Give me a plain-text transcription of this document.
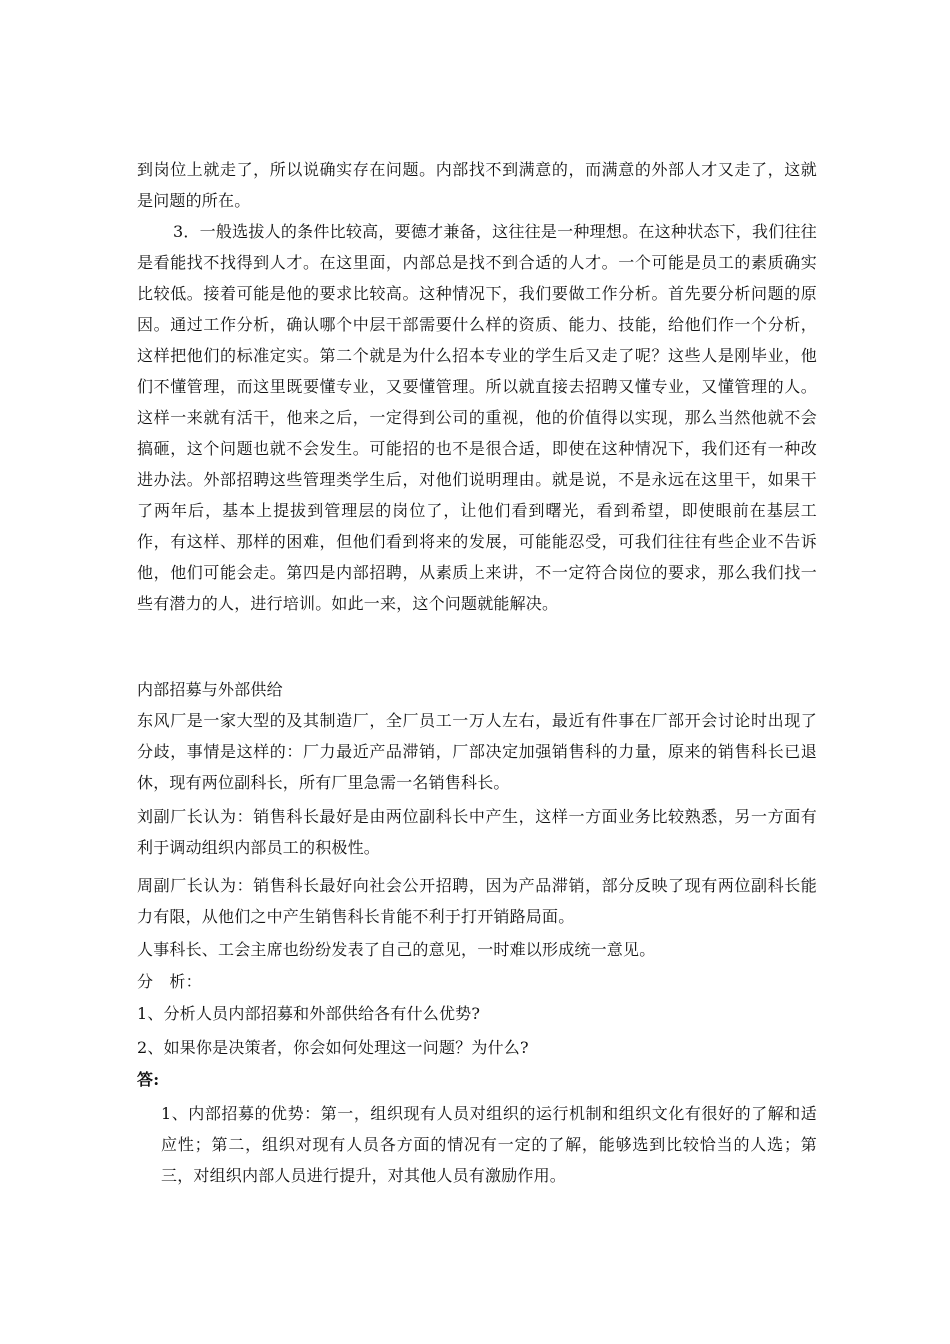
到岗位上就走了，所以说确实存在问题。内部找不到满意的，而满意的外部人才又走了，这就是问题的所在。

3．一般选拔人的条件比较高，要德才兼备，这往往是一种理想。在这种状态下，我们往往是看能找不找得到人才。在这里面，内部总是找不到合适的人才。一个可能是员工的素质确实比较低。接着可能是他的要求比较高。这种情况下，我们要做工作分析。首先要分析问题的原因。通过工作分析，确认哪个中层干部需要什么样的资质、能力、技能，给他们作一个分析，这样把他们的标准定实。第二个就是为什么招本专业的学生后又走了呢？这些人是刚毕业，他们不懂管理，而这里既要懂专业，又要懂管理。所以就直接去招聘又懂专业，又懂管理的人。这样一来就有活干，他来之后，一定得到公司的重视，他的价值得以实现，那么当然他就不会搞砸，这个问题也就不会发生。可能招的也不是很合适，即使在这种情况下，我们还有一种改进办法。外部招聘这些管理类学生后，对他们说明理由。就是说，不是永远在这里干，如果干了两年后，基本上提拔到管理层的岗位了，让他们看到曙光，看到希望，即使眼前在基层工作，有这样、那样的困难，但他们看到将来的发展，可能能忍受，可我们往往有些企业不告诉他，他们可能会走。第四是内部招聘，从素质上来讲，不一定符合岗位的要求，那么我们找一些有潜力的人，进行培训。如此一来，这个问题就能解决。

内部招募与外部供给

东风厂是一家大型的及其制造厂，全厂员工一万人左右，最近有件事在厂部开会讨论时出现了 分歧，事情是这样的：厂力最近产品滞销，厂部决定加强销售科的力量，原来的销售科长已退休，现有两位副科长，所有厂里急需一名销售科长。

刘副厂长认为：销售科长最好是由两位副科长中产生，这样一方面业务比较熟悉，另一方面有利于调动组织内部员工的积极性。

周副厂长认为：销售科长最好向社会公开招聘，因为产品滞销，部分反映了现有两位副科长能力有限，从他们之中产生销售科长肯能不利于打开销路局面。

人事科长、工会主席也纷纷发表了自己的意见，一时难以形成统一意见。

分　析：

1、分析人员内部招募和外部供给各有什么优势?

2、如果你是决策者，你会如何处理这一问题？为什么?

答:

1、内部招募的优势：第一，组织现有人员对组织的运行机制和组织文化有很好的了解和适应性；第二，组织对现有人员各方面的情况有一定的了解，能够选到比较恰当的人选；第三，对组织内部人员进行提升，对其他人员有激励作用。
